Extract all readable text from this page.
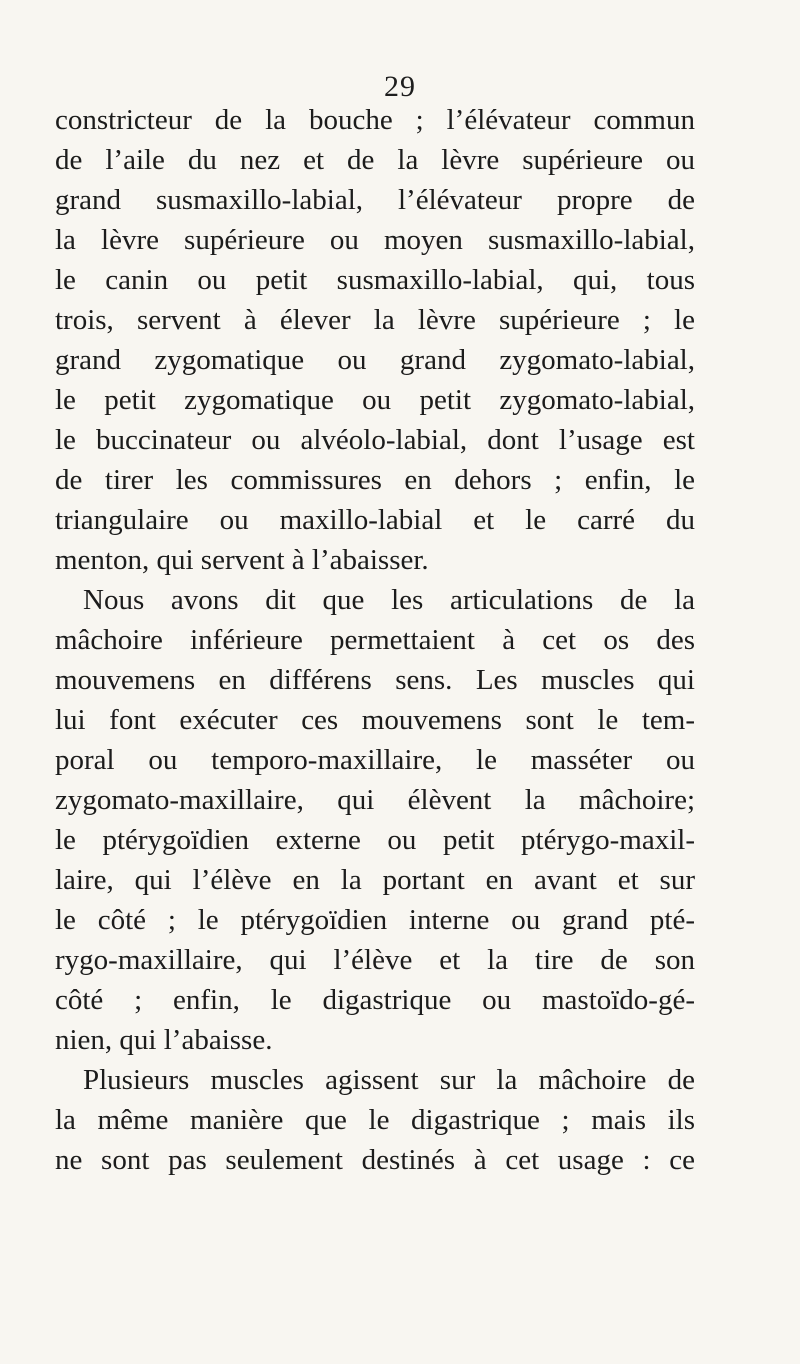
29
constricteur de la bouche ; l’élévateur commun
de l’aile du nez et de la lèvre supérieure ou
grand susmaxillo-labial, l’élévateur propre de
la lèvre supérieure ou moyen susmaxillo-labial,
le canin ou petit susmaxillo-labial, qui, tous
trois, servent à élever la lèvre supérieure ; le
grand zygomatique ou grand zygomato-labial,
le petit zygomatique ou petit zygomato-labial,
le buccinateur ou alvéolo-labial, dont l’usage est
de tirer les commissures en dehors ; enfin, le
triangulaire ou maxillo-labial et le carré du
menton, qui servent à l’abaisser.
Nous avons dit que les articulations de la
mâchoire inférieure permettaient à cet os des
mouvemens en différens sens. Les muscles qui
lui font exécuter ces mouvemens sont le tem-
poral ou temporo-maxillaire, le masséter ou
zygomato-maxillaire, qui élèvent la mâchoire;
le ptérygoïdien externe ou petit ptérygo-maxil-
laire, qui l’élève en la portant en avant et sur
le côté ; le ptérygoïdien interne ou grand pté-
rygo-maxillaire, qui l’élève et la tire de son
côté ; enfin, le digastrique ou mastoïdo-gé-
nien, qui l’abaisse.
Plusieurs muscles agissent sur la mâchoire de
la même manière que le digastrique ; mais ils
ne sont pas seulement destinés à cet usage : ce
